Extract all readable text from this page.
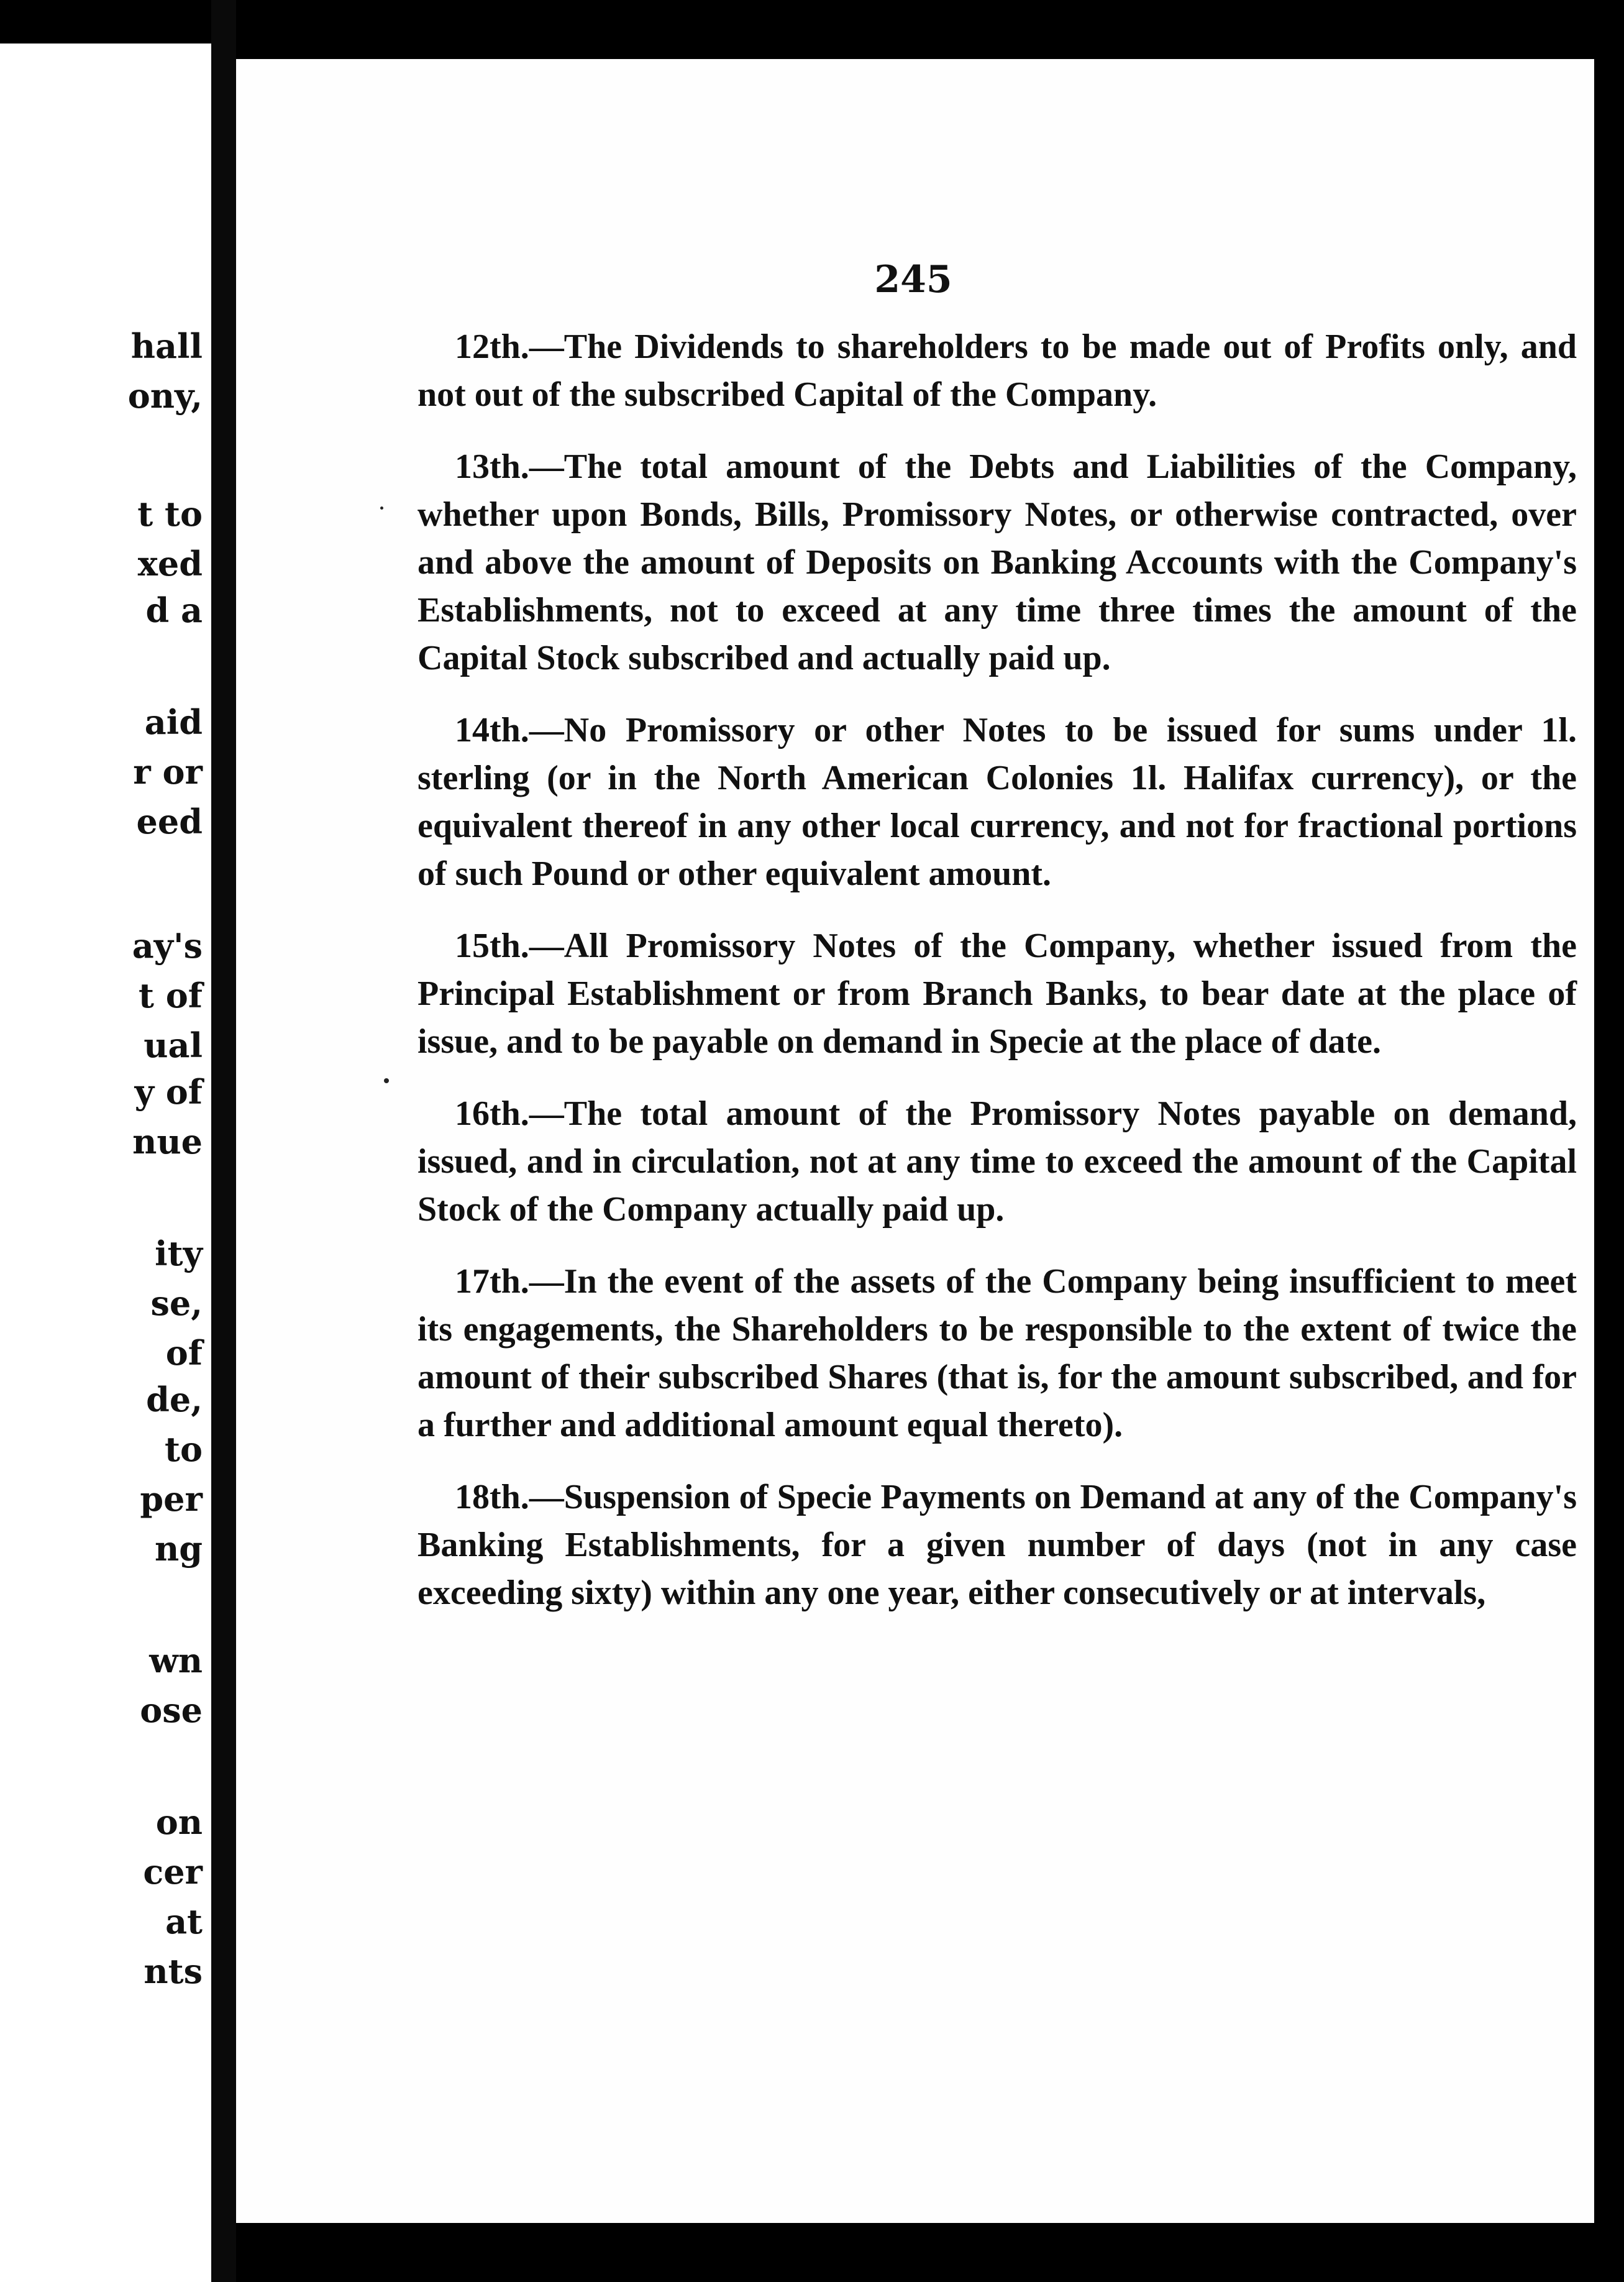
hall
ony,
t to
xed
d a
aid
r or
eed
ay's
t of
ual
y of
nue
ity
se,
of
de,
to
per
ng
wn
ose
on
cer
at
nts
245

12th.—The Dividends to shareholders to be made out of Profits only, and not out of the subscribed Capital of the Company.

13th.—The total amount of the Debts and Liabilities of the Company, whether upon Bonds, Bills, Promissory Notes, or otherwise contracted, over and above the amount of Deposits on Banking Accounts with the Company's Establishments, not to exceed at any time three times the amount of the Capital Stock subscribed and actually paid up.

14th.—No Promissory or other Notes to be issued for sums under 1l. sterling (or in the North American Colonies 1l. Halifax currency), or the equivalent thereof in any other local currency, and not for fractional portions of such Pound or other equivalent amount.

15th.—All Promissory Notes of the Company, whether issued from the Principal Establishment or from Branch Banks, to bear date at the place of issue, and to be payable on demand in Specie at the place of date.

16th.—The total amount of the Promissory Notes payable on demand, issued, and in circulation, not at any time to exceed the amount of the Capital Stock of the Company actually paid up.

17th.—In the event of the assets of the Company being insufficient to meet its engagements, the Shareholders to be responsible to the extent of twice the amount of their subscribed Shares (that is, for the amount subscribed, and for a further and additional amount equal thereto).

18th.—Suspension of Specie Payments on Demand at any of the Company's Banking Establishments, for a given number of days (not in any case exceeding sixty) within any one year, either consecutively or at intervals,
